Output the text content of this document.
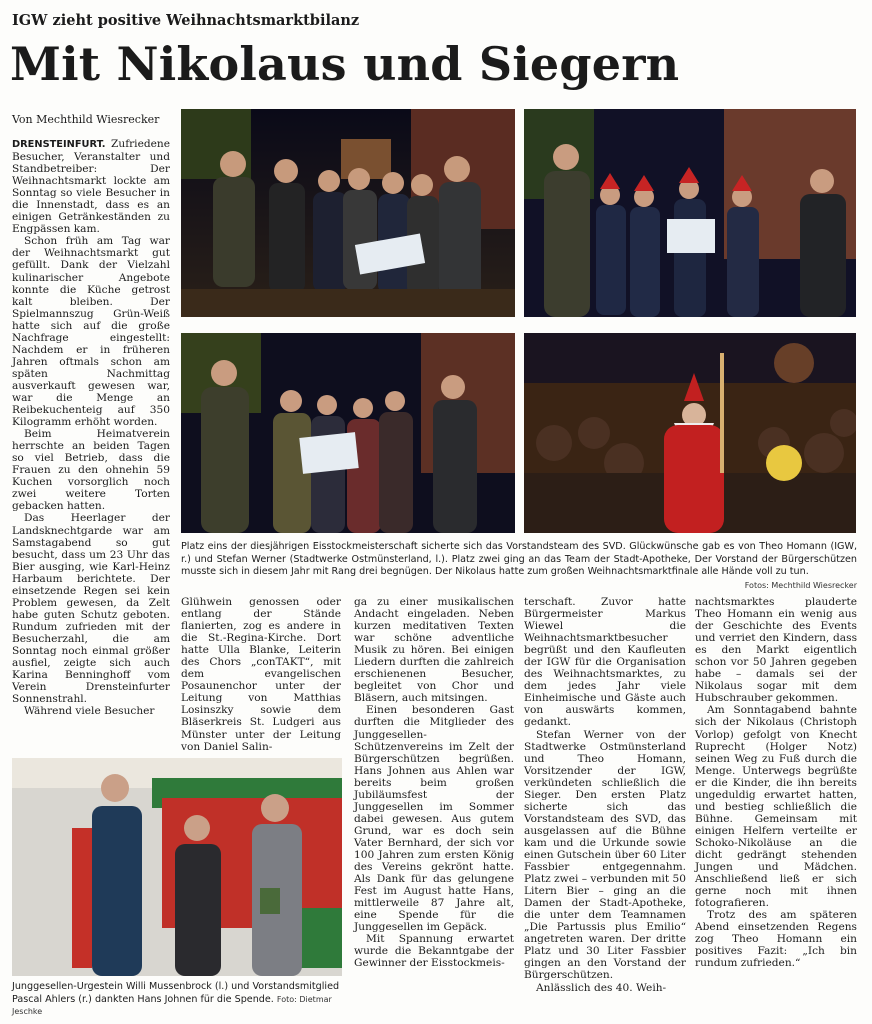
IGW zieht positive Weihnachtsmarktbilanz
Mit Nikolaus und Siegern
Von Mechthild Wiesrecker

DRENSTEINFURT. Zufriedene Besucher, Veranstalter und Standbetreiber: Der Weihnachtsmarkt lockte am Sonntag so viele Besucher in die Innenstadt, dass es an einigen Getränkeständen zu Engpässen kam.

Schon früh am Tag war der Weihnachtsmarkt gut gefüllt. Dank der Vielzahl kulinarischer Angebote konnte die Küche getrost kalt bleiben. Der Spielmannszug Grün-Weiß hatte sich auf die große Nachfrage eingestellt: Nachdem er in früheren Jahren oftmals schon am späten Nachmittag ausverkauft gewesen war, war die Menge an Reibekuchenteig auf 350 Kilogramm erhöht worden.

Beim Heimatverein herrschte an beiden Tagen so viel Betrieb, dass die Frauen zu den ohnehin 59 Kuchen vorsorglich noch zwei weitere Torten gebacken hatten.

Das Heerlager der Landsknechtgarde war am Samstagabend so gut besucht, dass um 23 Uhr das Bier ausging, wie Karl-Heinz Harbaum berichtete. Der einsetzende Regen sei kein Problem gewesen, da Zelt habe guten Schutz geboten. Rundum zufrieden mit der Besucherzahl, die am Sonntag noch einmal größer ausfiel, zeigte sich auch Karina Benninghoff vom Verein Drensteinfurter Sonnenstrahl.

Während viele Besucher

Platz eins der diesjährigen Eisstockmeisterschaft sicherte sich das Vorstandsteam des SVD. Glückwünsche gab es von Theo Homann (IGW, r.) und Stefan Werner (Stadtwerke Ostmünsterland, l.). Platz zwei ging an das Team der Stadt-Apotheke, Der Vorstand der Bürgerschützen musste sich in diesem Jahr mit Rang drei begnügen. Der Nikolaus hatte zum großen Weihnachtsmarktfinale alle Hände voll zu tun.
Fotos: Mechthild Wiesrecker
Junggesellen-Urgestein Willi Mussenbrock (l.) und Vorstandsmitglied Pascal Ahlers (r.) dankten Hans Johnen für die Spende. Foto: Dietmar Jeschke

Glühwein genossen oder entlang der Stände flanierten, zog es andere in die St.-Regina-Kirche. Dort hatte Ulla Blanke, Leiterin des Chors „conTAKT“, mit dem evangelischen Posaunenchor unter der Leitung von Matthias Losinszky sowie dem Bläserkreis St. Ludgeri aus Münster unter der Leitung von Daniel Salin-

ga zu einer musikalischen Andacht eingeladen. Neben kurzen meditativen Texten war schöne adventliche Musik zu hören. Bei einigen Liedern durften die zahlreich erschienenen Besucher, begleitet von Chor und Bläsern, auch mitsingen.

Einen besonderen Gast durften die Mitglieder des Junggesellen-Schützenvereins im Zelt der Bürgerschützen begrüßen. Hans Johnen aus Ahlen war bereits beim großen Jubiläumsfest der Junggesellen im Sommer dabei gewesen. Aus gutem Grund, war es doch sein Vater Bernhard, der sich vor 100 Jahren zum ersten König des Vereins gekrönt hatte. Als Dank für das gelungene Fest im August hatte Hans, mittlerweile 87 Jahre alt, eine Spende für die Junggesellen im Gepäck.

Mit Spannung erwartet wurde die Bekanntgabe der Gewinner der Eisstockmeis-

terschaft. Zuvor hatte Bürgermeister Markus Wiewel die Weihnachtsmarktbesucher begrüßt und den Kaufleuten der IGW für die Organisation des Weihnachtsmarktes, zu dem jedes Jahr viele Einheimische und Gäste auch von auswärts kommen, gedankt.

Stefan Werner von der Stadtwerke Ostmünsterland und Theo Homann, Vorsitzender der IGW, verkündeten schließlich die Sieger. Den ersten Platz sicherte sich das Vorstandsteam des SVD, das ausgelassen auf die Bühne kam und die Urkunde sowie einen Gutschein über 60 Liter Fassbier entgegennahm. Platz zwei – verbunden mit 50 Litern Bier – ging an die Damen der Stadt-Apotheke, die unter dem Teamnamen „Die Partussis plus Emilio“ angetreten waren. Der dritte Platz und 30 Liter Fassbier gingen an den Vorstand der Bürgerschützen.

Anlässlich des 40. Weih-

nachtsmarktes plauderte Theo Homann ein wenig aus der Geschichte des Events und verriet den Kindern, dass es den Markt eigentlich schon vor 50 Jahren gegeben habe – damals sei der Nikolaus sogar mit dem Hubschrauber gekommen.

Am Sonntagabend bahnte sich der Nikolaus (Christoph Vorlop) gefolgt von Knecht Ruprecht (Holger Notz) seinen Weg zu Fuß durch die Menge. Unterwegs begrüßte er die Kinder, die ihn bereits ungeduldig erwartet hatten, und bestieg schließlich die Bühne. Gemeinsam mit einigen Helfern verteilte er Schoko-Nikoläuse an die dicht gedrängt stehenden Jungen und Mädchen. Anschließend ließ er sich gerne noch mit ihnen fotografieren.

Trotz des am späteren Abend einsetzenden Regens zog Theo Homann ein positives Fazit: „Ich bin rundum zufrieden.“
